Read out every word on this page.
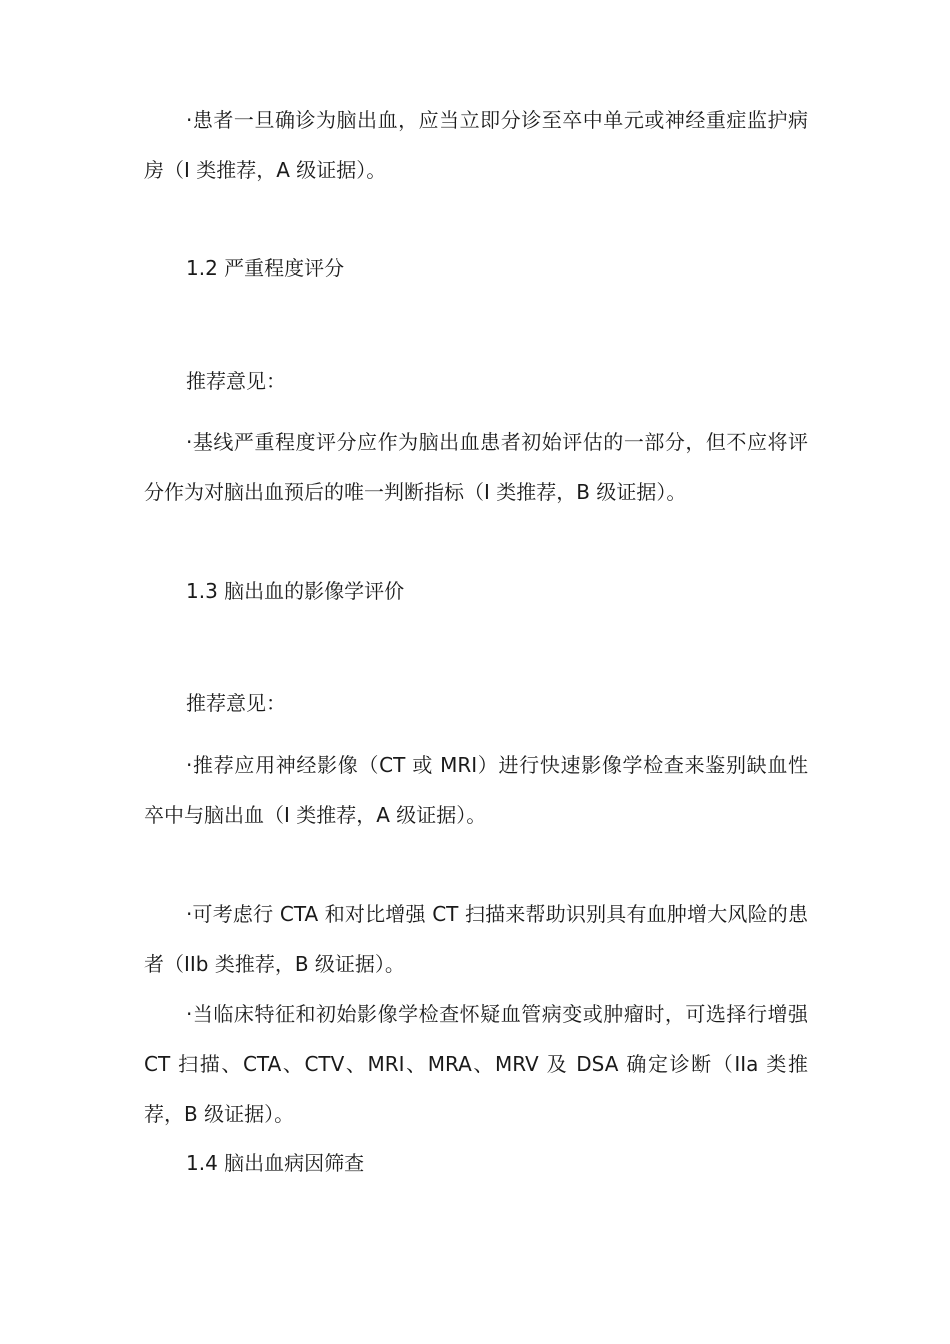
·患者一旦确诊为脑出血，应当立即分诊至卒中单元或神经重症监护病房（I 类推荐，A 级证据）。

1.2 严重程度评分

推荐意见：

·基线严重程度评分应作为脑出血患者初始评估的一部分，但不应将评分作为对脑出血预后的唯一判断指标（I 类推荐，B 级证据）。

1.3 脑出血的影像学评价

推荐意见：

·推荐应用神经影像（CT 或 MRI）进行快速影像学检查来鉴别缺血性卒中与脑出血（I 类推荐，A 级证据）。

·可考虑行 CTA 和对比增强 CT 扫描来帮助识别具有血肿增大风险的患者（IIb 类推荐，B 级证据）。

·当临床特征和初始影像学检查怀疑血管病变或肿瘤时，可选择行增强 CT 扫描、CTA、CTV、MRI、MRA、MRV 及 DSA 确定诊断（IIa 类推荐，B 级证据）。

1.4 脑出血病因筛查
